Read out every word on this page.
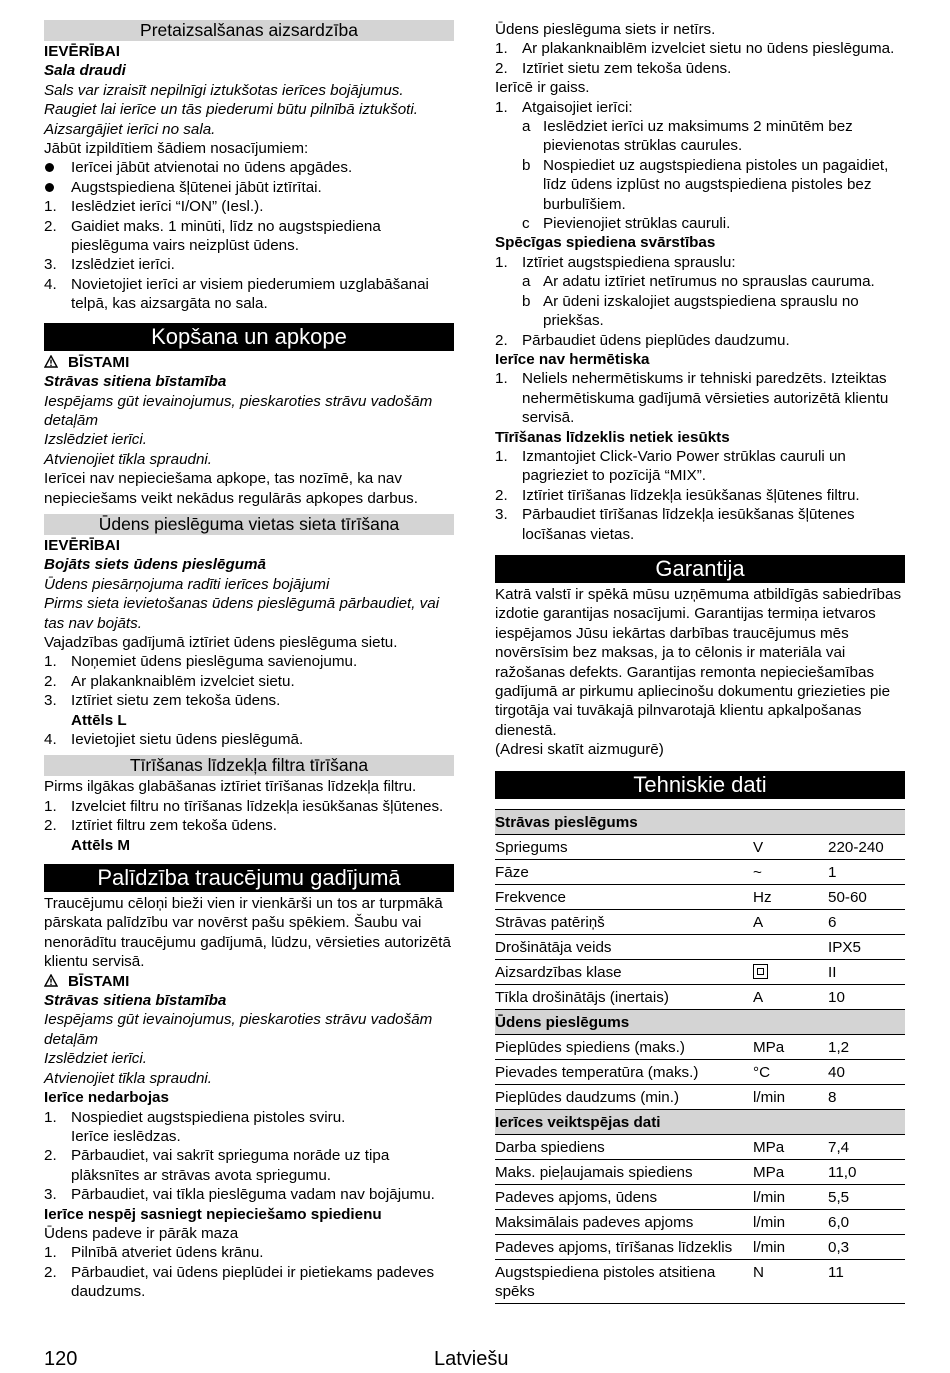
Pretaizsalšanas aizsardzība
IEVĒRĪBAI
Sala draudi
Sals var izraisīt nepilnīgi iztukšotas ierīces bojājumus. Raugiet lai ierīce un tās piederumi būtu pilnībā iztukšoti. Aizsargājiet ierīci no sala.
Jābūt izpildītiem šādiem nosacījumiem:
Ierīcei jābūt atvienotai no ūdens apgādes.
Augstspiediena šļūtenei jābūt iztīrītai.
1. Ieslēdziet ierīci “I/ON” (Iesl.).
2. Gaidiet maks. 1 minūti, līdz no augstspiediena pieslēguma vairs neizplūst ūdens.
3. Izslēdziet ierīci.
4. Novietojiet ierīci ar visiem piederumiem uzglabāšanai telpā, kas aizsargāta no sala.
Kopšana un apkope
BĪSTAMI
Strāvas sitiena bīstamība
Iespējams gūt ievainojumus, pieskaroties strāvu vadošām detaļām
Izslēdziet ierīci.
Atvienojiet tīkla spraudni.
Ierīcei nav nepieciešama apkope, tas nozīmē, ka nav nepieciešams veikt nekādus regulārās apkopes darbus.
Ūdens pieslēguma vietas sieta tīrīšana
IEVĒRĪBAI
Bojāts siets ūdens pieslēgumā
Ūdens piesārņojuma radīti ierīces bojājumi
Pirms sieta ievietošanas ūdens pieslēgumā pārbaudiet, vai tas nav bojāts.
Vajadzības gadījumā iztīriet ūdens pieslēguma sietu.
1. Noņemiet ūdens pieslēguma savienojumu.
2. Ar plakanknaiblēm izvelciet sietu.
3. Iztīriet sietu zem tekoša ūdens.
Attēls L
4. Ievietojiet sietu ūdens pieslēgumā.
Tīrīšanas līdzekļa filtra tīrīšana
Pirms ilgākas glabāšanas iztīriet tīrīšanas līdzekļa filtru.
1. Izvelciet filtru no tīrīšanas līdzekļa iesūkšanas šļūtenes.
2. Iztīriet filtru zem tekoša ūdens.
Attēls M
Palīdzība traucējumu gadījumā
Traucējumu cēloņi bieži vien ir vienkārši un tos ar turpmākā pārskata palīdzību var novērst pašu spēkiem. Šaubu vai nenorādītu traucējumu gadījumā, lūdzu, vērsieties autorizētā klientu servisā.
BĪSTAMI
Strāvas sitiena bīstamība
Iespējams gūt ievainojumus, pieskaroties strāvu vadošām detaļām
Izslēdziet ierīci.
Atvienojiet tīkla spraudni.
Ierīce nedarbojas
1. Nospiediet augstspiediena pistoles sviru.
Ierīce ieslēdzas.
2. Pārbaudiet, vai sakrīt sprieguma norāde uz tipa plāksnītes ar strāvas avota spriegumu.
3. Pārbaudiet, vai tīkla pieslēguma vadam nav bojājumu.
Ierīce nespēj sasniegt nepieciešamo spiedienu
Ūdens padeve ir pārāk maza
1. Pilnībā atveriet ūdens krānu.
2. Pārbaudiet, vai ūdens pieplūdei ir pietiekams padeves daudzums.
Ūdens pieslēguma siets ir netīrs.
1. Ar plakanknaiblēm izvelciet sietu no ūdens pieslēguma.
2. Iztīriet sietu zem tekoša ūdens.
Ierīcē ir gaiss.
1. Atgaisojiet ierīci:
a Ieslēdziet ierīci uz maksimums 2 minūtēm bez pievienotas strūklas caurules.
b Nospiediet uz augstspiediena pistoles un pagaidiet, līdz ūdens izplūst no augstspiediena pistoles bez burbulīšiem.
c Pievienojiet strūklas cauruli.
Spēcīgas spiediena svārstības
1. Iztīriet augstspiediena sprauslu:
a Ar adatu iztīriet netīrumus no sprauslas cauruma.
b Ar ūdeni izskalojiet augstspiediena sprauslu no priekšas.
2. Pārbaudiet ūdens pieplūdes daudzumu.
Ierīce nav hermētiska
1. Neliels nehermētiskums ir tehniski paredzēts. Izteiktas nehermētiskuma gadījumā vērsieties autorizētā klientu servisā.
Tīrīšanas līdzeklis netiek iesūkts
1. Izmantojiet Click-Vario Power strūklas cauruli un pagrieziet to pozīcijā “MIX”.
2. Iztīriet tīrīšanas līdzekļa iesūkšanas šļūtenes filtru.
3. Pārbaudiet tīrīšanas līdzekļa iesūkšanas šļūtenes locīšanas vietas.
Garantija
Katrā valstī ir spēkā mūsu uzņēmuma atbildīgās sabiedrības izdotie garantijas nosacījumi. Garantijas termiņa ietvaros iespējamos Jūsu iekārtas darbības traucējumus mēs novērsīsim bez maksas, ja to cēlonis ir materiāla vai ražošanas defekts. Garantijas remonta nepieciešamības gadījumā ar pirkumu apliecinošu dokumentu griezieties pie tirgotāja vai tuvākajā pilnvarotajā klientu apkalpošanas dienestā.
(Adresi skatīt aizmugurē)
Tehniskie dati
Strāvas pieslēgums		
Spriegums	V	220-240
Fāze	~	1
Frekvence	Hz	50-60
Strāvas patēriņš	A	6
Drošinātāja veids		IPX5
Aizsardzības klase		II
Tīkla drošinātājs (inertais)	A	10
Ūdens pieslēgums		
Pieplūdes spiediens (maks.)	MPa	1,2
Pievades temperatūra (maks.)	°C	40
Pieplūdes daudzums (min.)	l/min	8
Ierīces veiktspējas dati		
Darba spiediens	MPa	7,4
Maks. pieļaujamais spiediens	MPa	11,0
Padeves apjoms, ūdens	l/min	5,5
Maksimālais padeves apjoms	l/min	6,0
Padeves apjoms, tīrīšanas līdzeklis	l/min	0,3
Augstspiediena pistoles atsitiena spēks	N	11
120	Latviešu
